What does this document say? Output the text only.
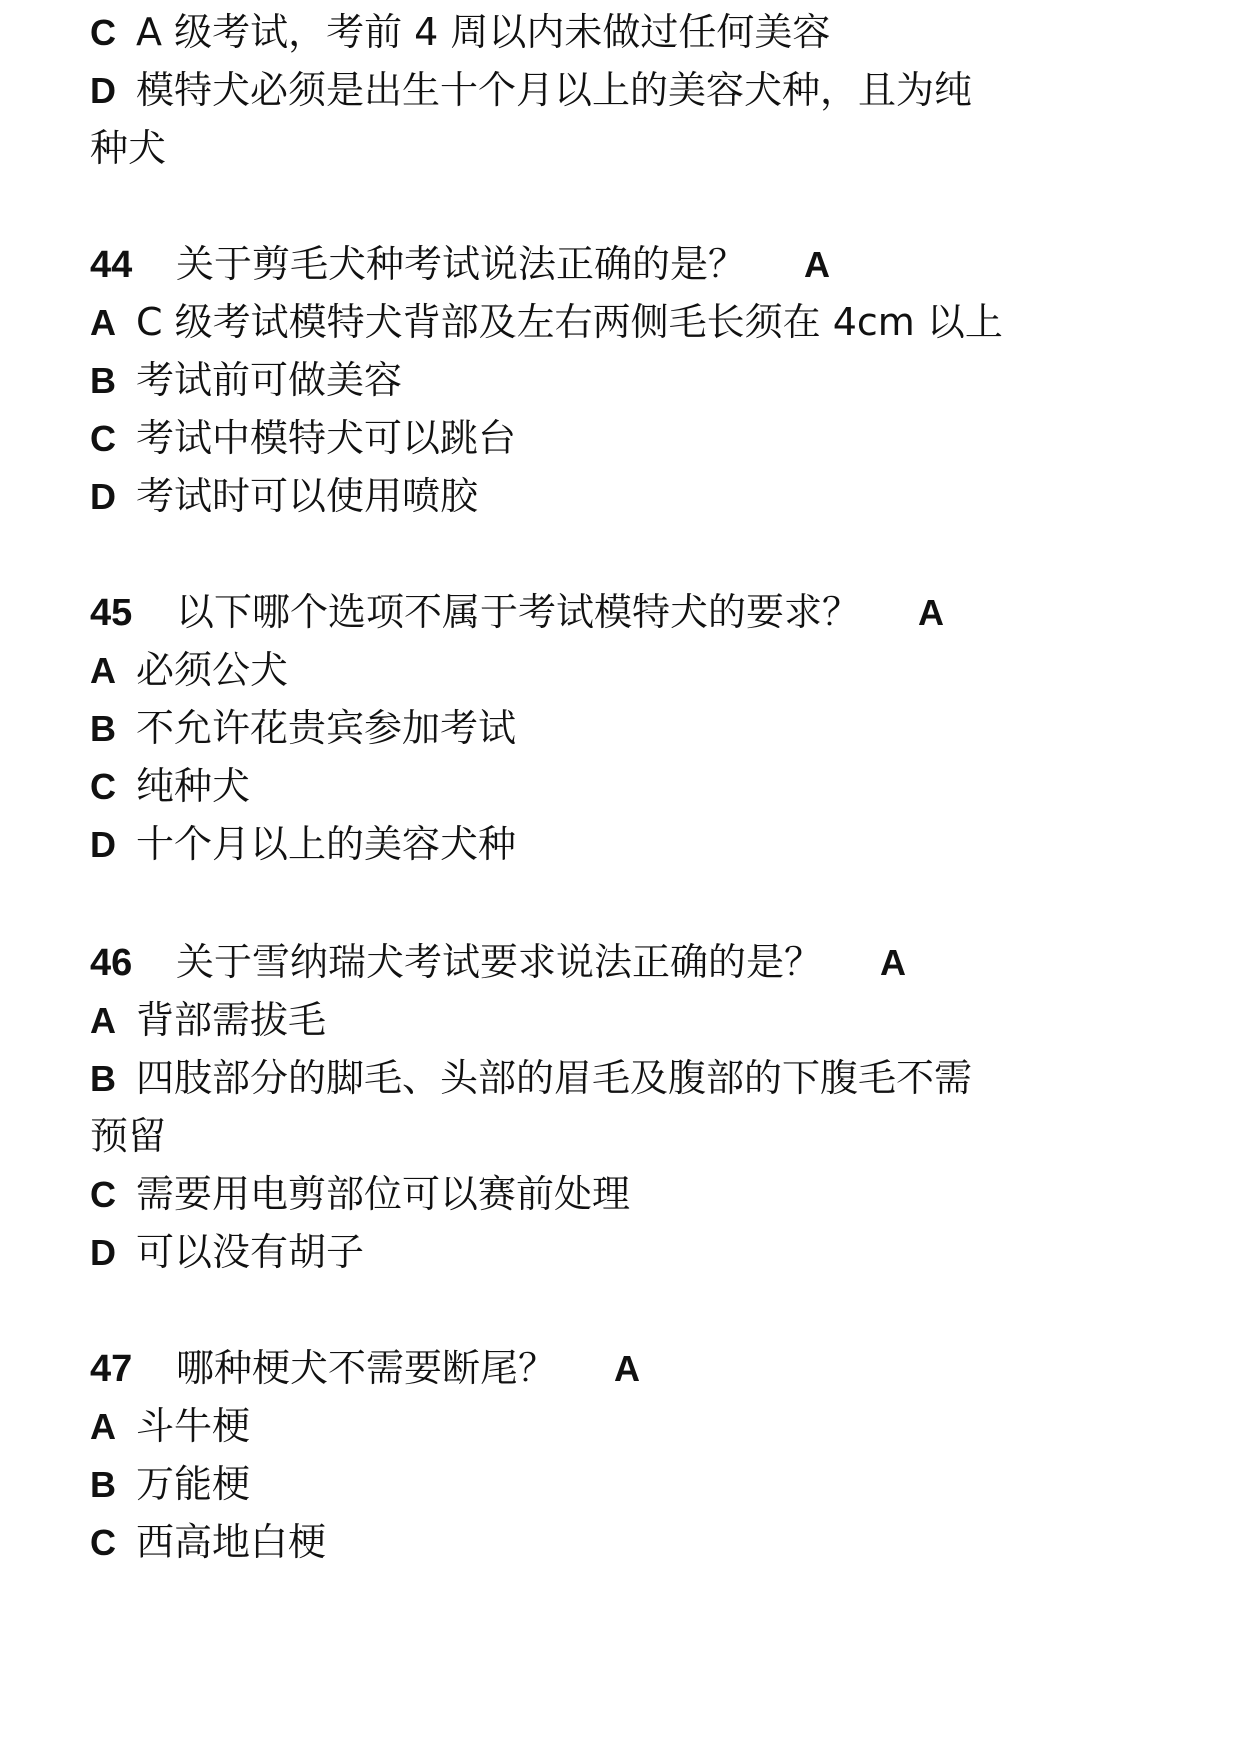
C A 级考试，考前 4 周以内未做过任何美容
D 模特犬必须是出生十个月以上的美容犬种，且为纯
种犬
44 关于剪毛犬种考试说法正确的是？ A
A C 级考试模特犬背部及左右两侧毛长须在 4cm 以上
B 考试前可做美容
C 考试中模特犬可以跳台
D 考试时可以使用喷胶
45 以下哪个选项不属于考试模特犬的要求？ A
A 必须公犬
B 不允许花贵宾参加考试
C 纯种犬
D 十个月以上的美容犬种
46 关于雪纳瑞犬考试要求说法正确的是？ A
A 背部需拔毛
B 四肢部分的脚毛、头部的眉毛及腹部的下腹毛不需
预留
C 需要用电剪部位可以赛前处理
D 可以没有胡子
47 哪种梗犬不需要断尾？ A
A 斗牛梗
B 万能梗
C 西高地白梗
